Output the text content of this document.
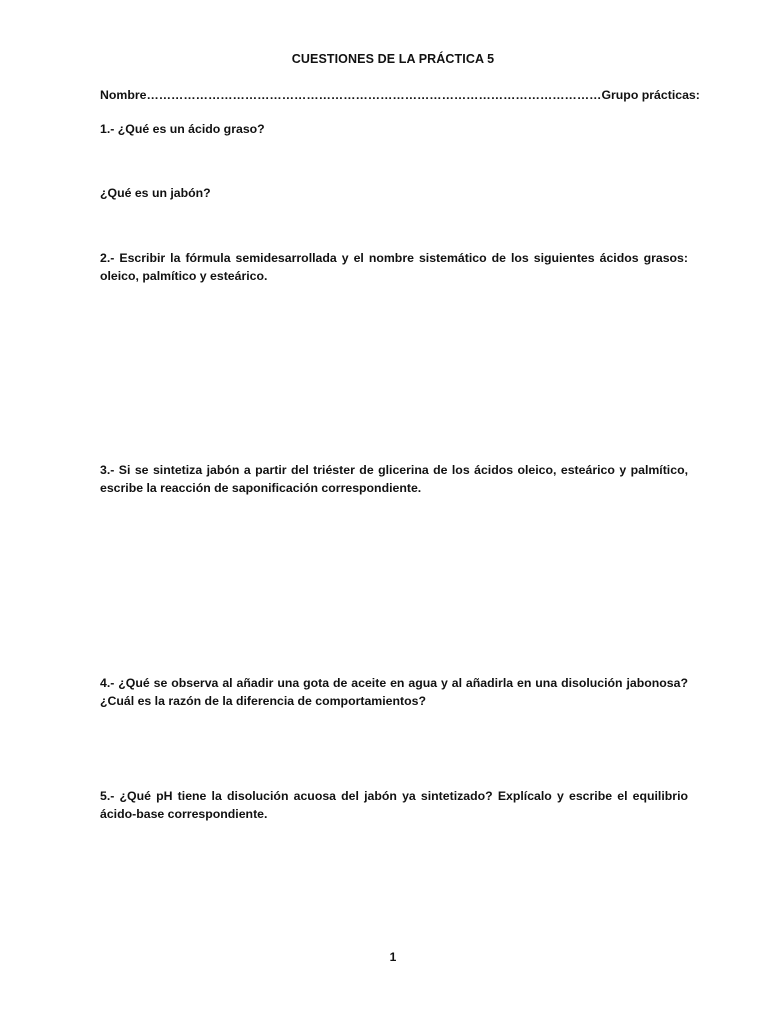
CUESTIONES DE LA PRÁCTICA 5
Nombre…………………………………………………………………………………………………Grupo prácticas:
1.- ¿Qué es un ácido graso?
¿Qué es un jabón?
2.- Escribir la fórmula semidesarrollada y el nombre sistemático de los siguientes ácidos grasos: oleico, palmítico y esteárico.
3.- Si se sintetiza jabón a partir del triéster de glicerina de los ácidos oleico, esteárico y palmítico, escribe la reacción de saponificación correspondiente.
4.- ¿Qué se observa al añadir una gota de aceite en agua y al añadirla en una disolución jabonosa? ¿Cuál es la razón de la diferencia de comportamientos?
5.- ¿Qué pH tiene la disolución acuosa del jabón ya sintetizado? Explícalo y escribe el equilibrio ácido-base correspondiente.
1
